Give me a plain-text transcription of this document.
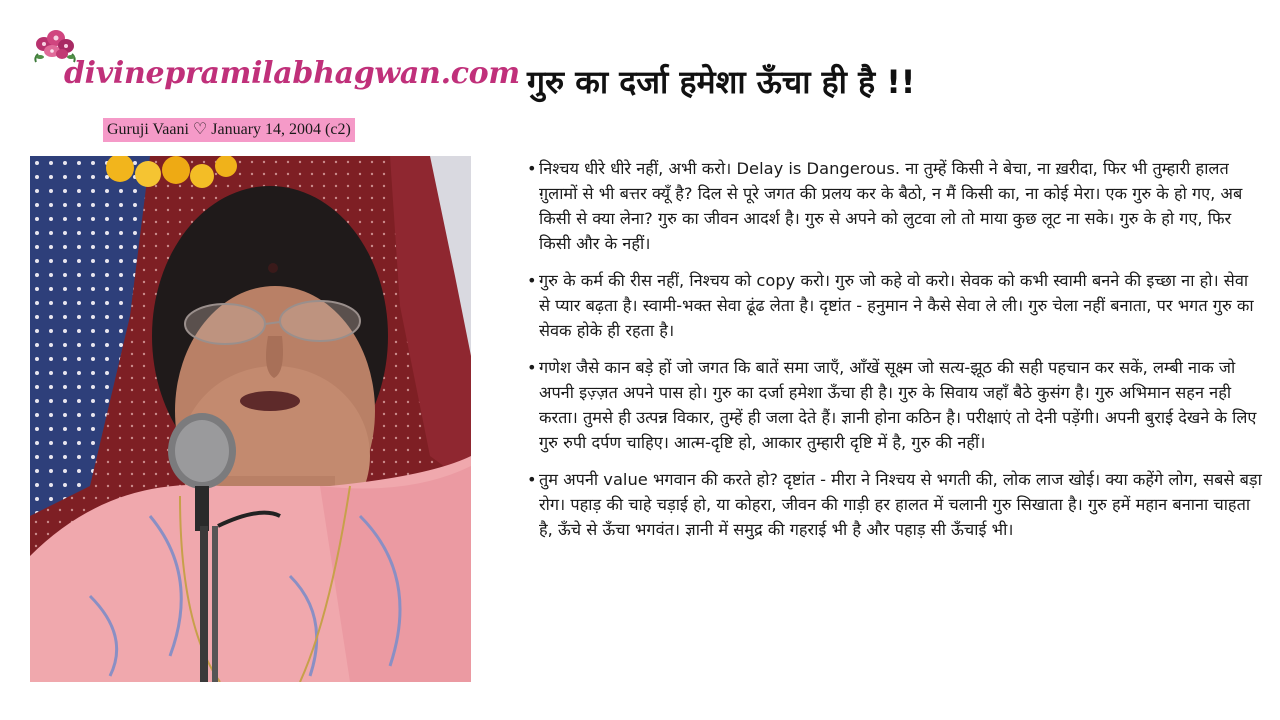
divinepramilabhagwan.com
Guruji Vaani ♡ January 14, 2004 (c2)
गुरु का दर्जा हमेशा ऊँचा ही है !!
• निश्चय धीरे धीरे नहीं, अभी करो। Delay is Dangerous. ना तुम्हें किसी ने बेचा, ना ख़रीदा, फिर भी तुम्हारी हालत ग़ुलामों से भी बत्तर क्यूँ है? दिल से पूरे जगत की प्रलय कर के बैठो, न मैं किसी का, ना कोई मेरा। एक गुरु के हो गए, अब किसी से क्या लेना? गुरु का जीवन आदर्श है। गुरु से अपने को लुटवा लो तो माया कुछ लूट ना सके। गुरु के हो गए, फिर किसी और के नहीं।
• गुरु के कर्म की रीस नहीं, निश्चय को copy करो। गुरु जो कहे वो करो। सेवक को कभी स्वामी बनने की इच्छा ना हो। सेवा से प्यार बढ़ता है। स्वामी-भक्त सेवा ढूंढ लेता है। दृष्टांत - हनुमान ने कैसे सेवा ले ली। गुरु चेला नहीं बनाता, पर भगत गुरु का सेवक होके ही रहता है।
• गणेश जैसे कान बड़े हों जो जगत कि बातें समा जाएँ, आँखें सूक्ष्म जो सत्य-झूठ की सही पहचान कर सकें, लम्बी नाक जो अपनी इज़्ज़त अपने पास हो। गुरु का दर्जा हमेशा ऊँचा ही है। गुरु के सिवाय जहाँ बैठे कुसंग है। गुरु अभिमान सहन नही करता। तुमसे ही उत्पन्न विकार, तुम्हें ही जला देते हैं। ज्ञानी होना कठिन है। परीक्षाएं तो देनी पड़ेंगी। अपनी बुराई देखने के लिए गुरु रुपी दर्पण चाहिए। आत्म-दृष्टि हो, आकार तुम्हारी दृष्टि में है, गुरु की नहीं।
• तुम अपनी value भगवान की करते हो? दृष्टांत - मीरा ने निश्चय से भगती की, लोक लाज खोई। क्या कहेंगे लोग, सबसे बड़ा रोग। पहाड़ की चाहे चड़ाई हो, या कोहरा, जीवन की गाड़ी हर हालत में चलानी गुरु सिखाता है। गुरु हमें महान बनाना चाहता है, ऊँचे से ऊँचा भगवंत। ज्ञानी में समुद्र की गहराई भी है और पहाड़ सी ऊँचाई भी।
